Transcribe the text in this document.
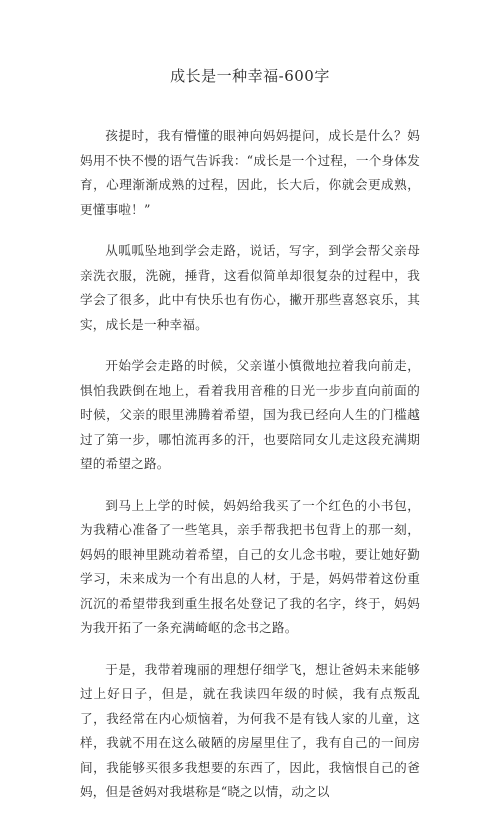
成长是一种幸福-600字

孩提时，我有懵懂的眼神向妈妈提问，成长是什么？妈妈用不快不慢的语气告诉我：“成长是一个过程，一个身体发育，心理渐渐成熟的过程，因此，长大后，你就会更成熟，更懂事啦！”

从呱呱坠地到学会走路，说话，写字，到学会帮父亲母亲洗衣服，洗碗，捶背，这看似简单却很复杂的过程中，我学会了很多，此中有快乐也有伤心，撇开那些喜怒哀乐，其实，成长是一种幸福。

开始学会走路的时候，父亲谨小慎微地拉着我向前走，惧怕我跌倒在地上，看着我用音稚的日光一步步直向前面的时候，父亲的眼里沸腾着希望，国为我已经向人生的门槛越过了第一步，哪怕流再多的汗，也要陪同女儿走这段充满期望的希望之路。

到马上上学的时候，妈妈给我买了一个红色的小书包，为我精心准备了一些笔具，亲手帮我把书包背上的那一刻，妈妈的眼神里跳动着希望，自己的女儿念书啦，要让她好勤学习，未来成为一个有出息的人材，于是，妈妈带着这份重沉沉的希望带我到重生报名处登记了我的名字，终于，妈妈为我开拓了一条充满崎岖的念书之路。

于是，我带着瑰丽的理想仔细学飞，想让爸妈未来能够过上好日子，但是，就在我读四年级的时候，我有点叛乱了，我经常在内心烦恼着，为何我不是有钱人家的儿童，这样，我就不用在这么破陋的房屋里住了，我有自己的一间房间，我能够买很多我想要的东西了，因此，我恼恨自己的爸妈，但是爸妈对我堪称是“晓之以情，动之以
